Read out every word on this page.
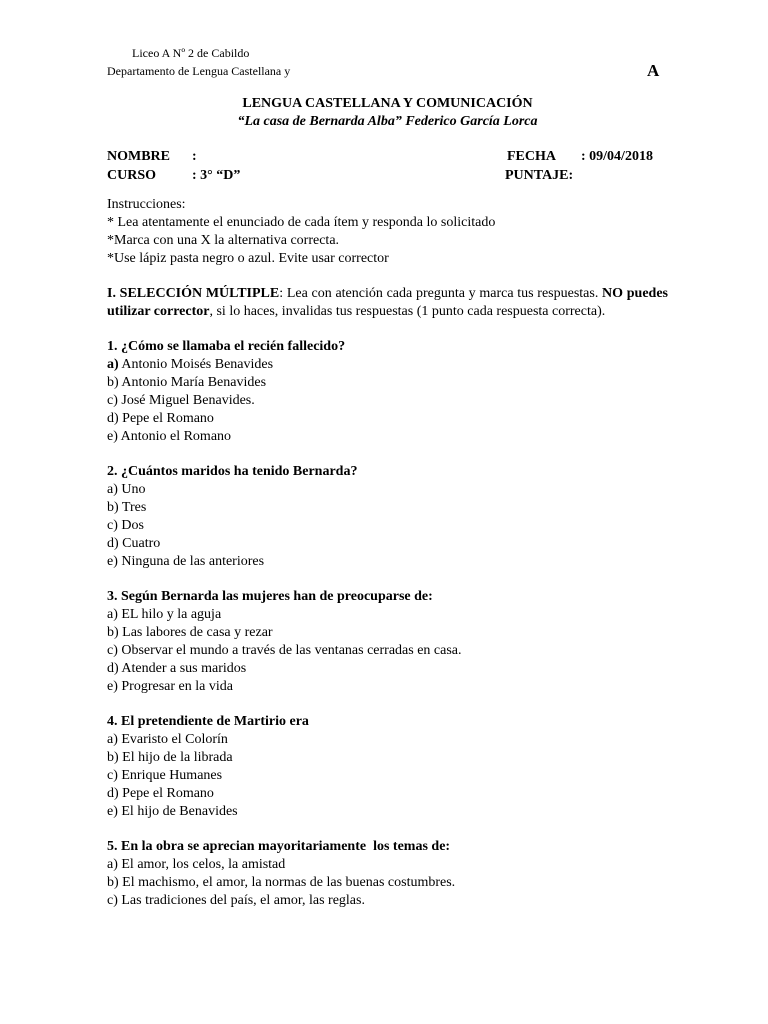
Liceo A Nº 2 de Cabildo
Departamento de Lengua Castellana y	A
LENGUA CASTELLANA Y COMUNICACIÓN
“La casa de Bernarda Alba” Federico García Lorca
NOMBRE :
CURSO	: 3° “D”
FECHA : 09/04/2018
PUNTAJE:
Instrucciones:
* Lea atentamente el enunciado de cada ítem y responda lo solicitado
*Marca con una X la alternativa correcta.
*Use lápiz pasta negro o azul. Evite usar corrector
I. SELECCIÓN MÚLTIPLE: Lea con atención cada pregunta y marca tus respuestas. NO puedes utilizar corrector, si lo haces, invalidas tus respuestas (1 punto cada respuesta correcta).
1. ¿Cómo se llamaba el recién fallecido?
a) Antonio Moisés Benavides
b) Antonio María Benavides
c) José Miguel Benavides.
d) Pepe el Romano
e) Antonio el Romano
2. ¿Cuántos maridos ha tenido Bernarda?
a) Uno
b) Tres
c) Dos
d) Cuatro
e) Ninguna de las anteriores
3. Según Bernarda las mujeres han de preocuparse de:
a) EL hilo y la aguja
b) Las labores de casa y rezar
c) Observar el mundo a través de las ventanas cerradas en casa.
d) Atender a sus maridos
e) Progresar en la vida
4. El pretendiente de Martirio era
a) Evaristo el Colorín
b) El hijo de la librada
c) Enrique Humanes
d) Pepe el Romano
e) El hijo de Benavides
5. En la obra se aprecian mayoritariamente  los temas de:
a) El amor, los celos, la amistad
b) El machismo, el amor, la normas de las buenas costumbres.
c) Las tradiciones del país, el amor, las reglas.
